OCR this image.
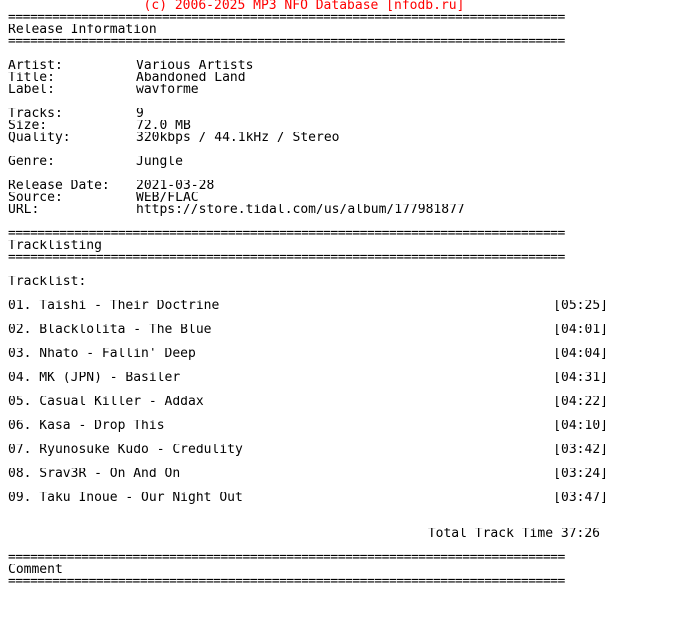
(c) 2006-2025 MP3 NFO Database [nfodb.ru]
============================================================================
Release Information
============================================================================
Artist:	Various Artists
Title:	Abandoned Land
Label:	wavforme
Tracks:	9
Size:	72.0 MB
Quality:	320kbps / 44.1kHz / Stereo
Genre:	Jungle
Release Date:	2021-03-28
Source:	WEB/FLAC
URL:	https://store.tidal.com/us/album/177981877
============================================================================
Tracklisting
============================================================================
Tracklist:
01. Taishi - Their Doctrine	[05:25]
02. Blacklolita - The Blue	[04:01]
03. Nhato - Fallin' Deep	[04:04]
04. MK (JPN) - Basiler	[04:31]
05. Casual Killer - Addax	[04:22]
06. Kasa - Drop This	[04:10]
07. Ryunosuke Kudo - Credulity	[03:42]
08. Srav3R - On And On	[03:24]
09. Taku Inoue - Our Night Out	[03:47]
Total Track Time 37:26
============================================================================
Comment
============================================================================
